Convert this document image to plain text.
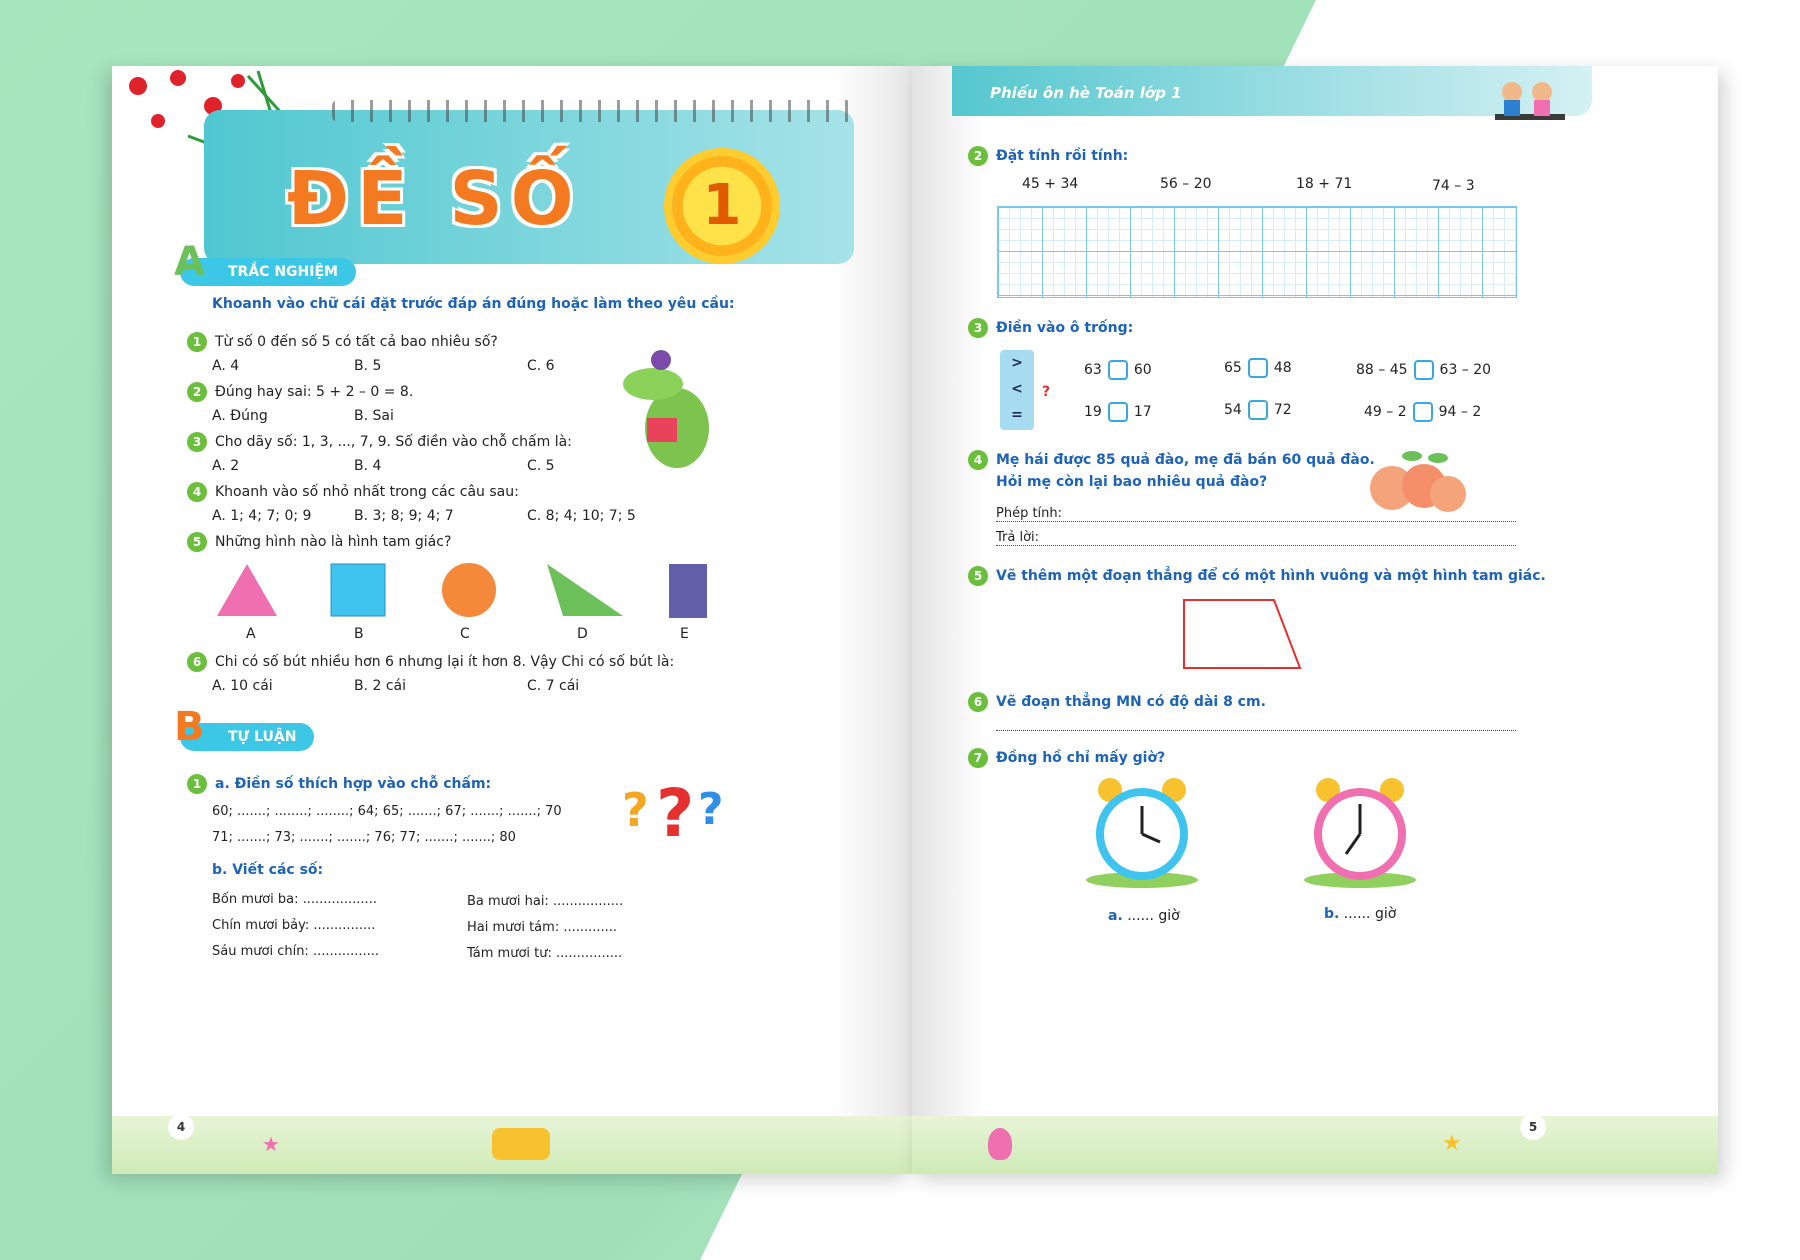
ĐỀ SỐ	1
A TRẮC NGHIỆM
Khoanh vào chữ cái đặt trước đáp án đúng hoặc làm theo yêu cầu:
1 Từ số 0 đến số 5 có tất cả bao nhiêu số?
A. 4	B. 5	C. 6
2 Đúng hay sai: 5 + 2 – 0 = 8.
A. Đúng	B. Sai
3 Cho dãy số: 1, 3, ..., 7, 9. Số điền vào chỗ chấm là:
A. 2	B. 4	C. 5
4 Khoanh vào số nhỏ nhất trong các câu sau:
A. 1; 4; 7; 0; 9	B. 3; 8; 9; 4; 7	C. 8; 4; 10; 7; 5
5 Những hình nào là hình tam giác?
A	B	C	D	E
6 Chi có số bút nhiều hơn 6 nhưng lại ít hơn 8. Vậy Chi có số bút là:
A. 10 cái	B. 2 cái	C. 7 cái
B TỰ LUẬN
1 a. Điền số thích hợp vào chỗ chấm:
60; .......; ........; ........; 64; 65; .......; 67; .......; .......; 70
71; .......; 73; .......; .......; 76; 77; .......; .......; 80
b. Viết các số:
Bốn mươi ba: ..................
Chín mươi bảy: ...............
Sáu mươi chín: ................
Ba mươi hai: .................
Hai mươi tám: .............
Tám mươi tư: ................
? ? ?
4
★
Phiếu ôn hè Toán lớp 1
2 Đặt tính rồi tính:
45 + 34	56 – 20	18 + 71	74 – 3
3 Điền vào ô trống:
>
<
=
?
63 60	65 48	88 – 45 63 – 20
19 17	54 72	49 – 2 94 – 2
4 Mẹ hái được 85 quả đào, mẹ đã bán 60 quả đào.
Hỏi mẹ còn lại bao nhiêu quả đào?
Phép tính:
Trả lời:
5 Vẽ thêm một đoạn thẳng để có một hình vuông và một hình tam giác.
6 Vẽ đoạn thẳng MN có độ dài 8 cm.
7 Đồng hồ chỉ mấy giờ?
a. ...... giờ	b. ...... giờ
5
★
